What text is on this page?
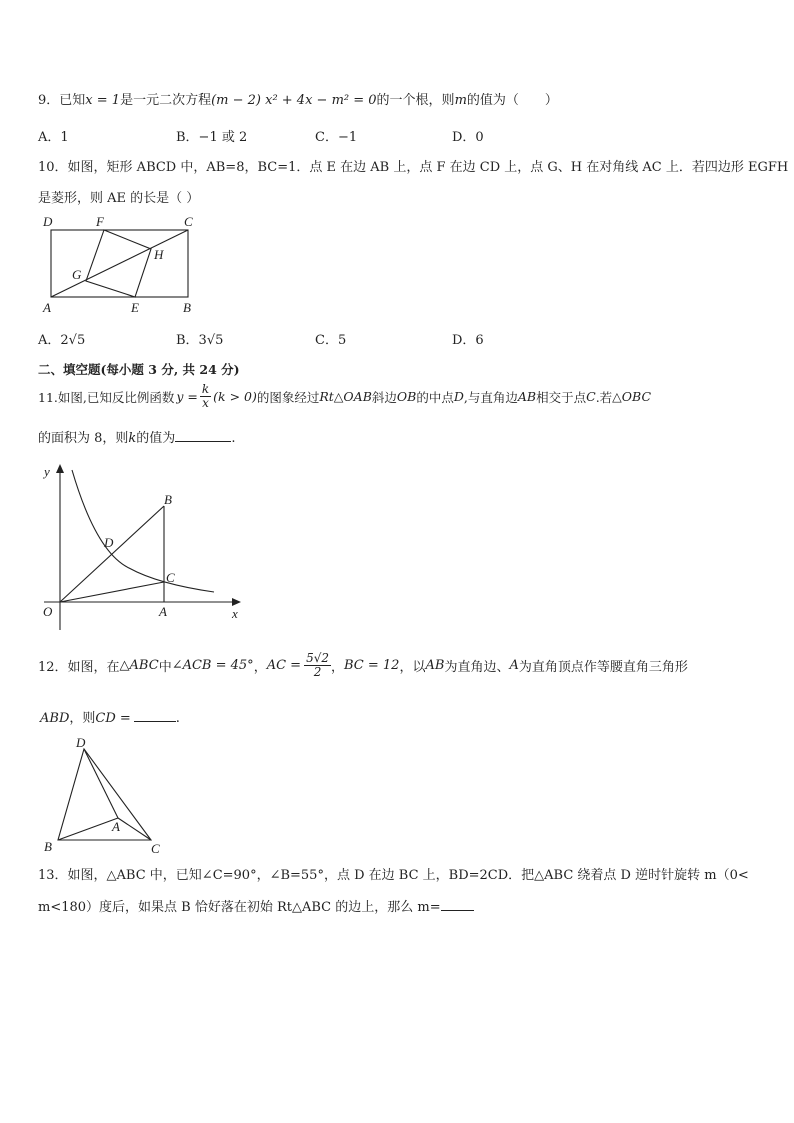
9．已知x = 1是一元二次方程(m − 2) x² + 4x − m² = 0的一个根，则m的值为（　　）
A．1	B．−1 或 2	C．−1	D．0
10．如图，矩形 ABCD 中，AB=8，BC=1．点 E 在边 AB 上，点 F 在边 CD 上，点 G、H 在对角线 AC 上．若四边形 EGFH
是菱形，则 AE 的长是（ ）
D	F	C
G
H
A	E	B
A．2√5	B．3√5	C．5	D．6
二、填空题(每小题 3 分, 共 24 分)
11.如图,已知反比例函数 $y = \frac{k}{x} (k > 0)$ 的图象经过 Rt△OAB 斜边 OB 的中点 D ,与直角边 AB 相交于点 C .若 △OBC
的面积为 8，则k的值为	.
y
B
D
C
O	A	x
12．如图，在 △ABC 中 ∠ACB = 45° ， AC = $\frac{5√2}{2}$ ， BC = 12 ，以 AB 为直角边、 A 为直角顶点作等腰直角三角形
ABD，则CD =	.
D
A
B	C
13．如图，△ABC 中，已知∠C=90°，∠B=55°，点 D 在边 BC 上，BD=2CD．把△ABC 绕着点 D 逆时针旋转 m（0<
m<180）度后，如果点 B 恰好落在初始 Rt△ABC 的边上，那么 m=
